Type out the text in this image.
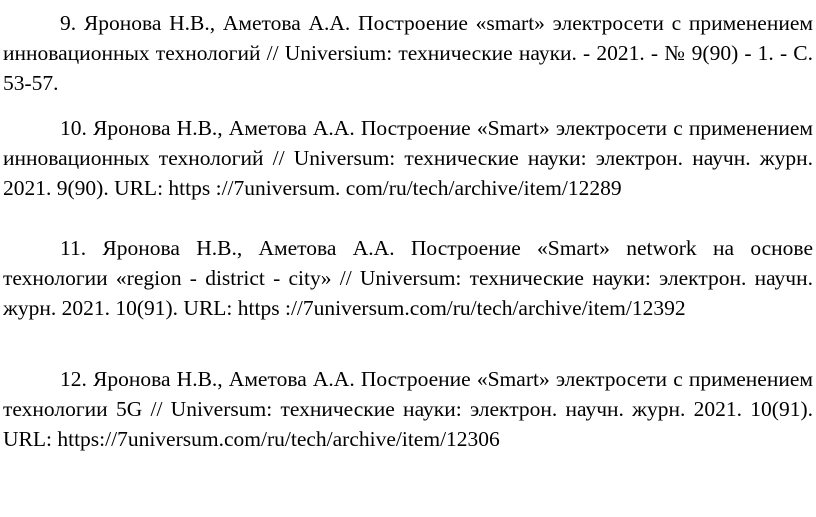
9. Яронова Н.В., Аметова А.А. Построение «smart» электросети с применением инновационных технологий // Universium: технические науки. - 2021. - № 9(90) - 1. - С. 53-57.

10. Яронова Н.В., Аметова А.А. Построение «Smart» электросети с применением инновационных технологий // Universum: технические науки: электрон. научн. журн. 2021. 9(90). URL: https ://7universum. com/ru/tech/archive/item/12289

11. Яронова Н.В., Аметова А.А. Построение «Smart» network на основе технологии «region - district - city» // Universum: технические науки: электрон. научн. журн. 2021. 10(91). URL: https ://7universum.com/ru/tech/archive/item/12392

12. Яронова Н.В., Аметова А.А. Построение «Smart» электросети с применением технологии 5G // Universum: технические науки: электрон. научн. журн. 2021. 10(91). URL: https://7universum.com/ru/tech/archive/item/12306
